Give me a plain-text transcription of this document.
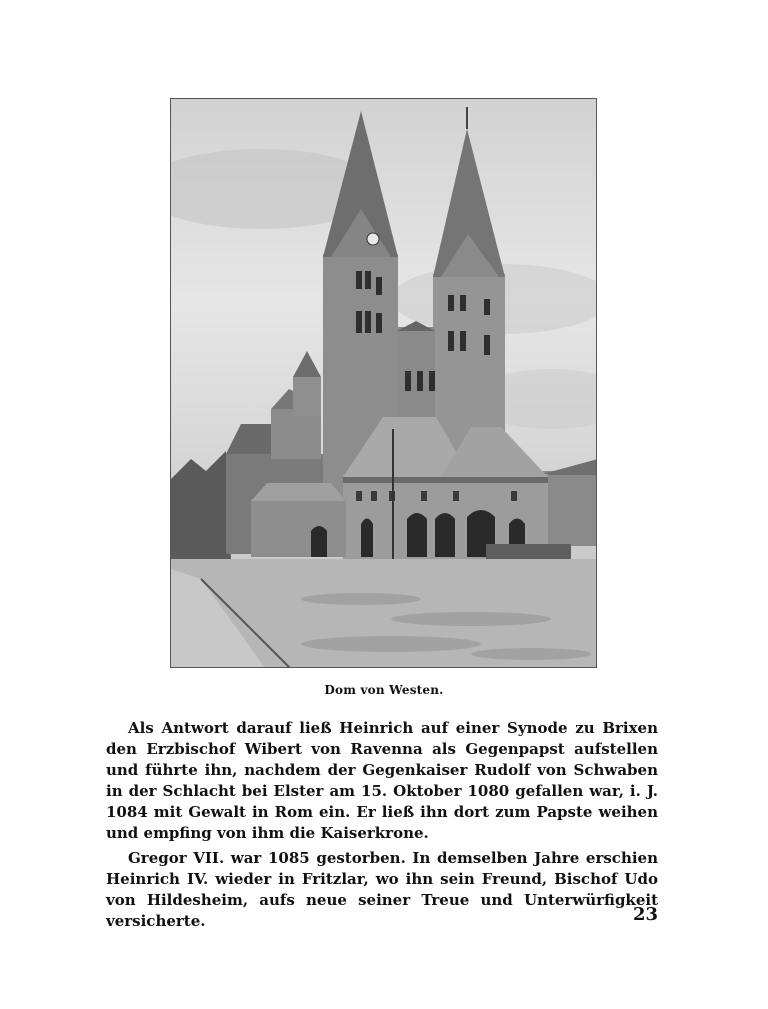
Dom von Westen.

Als Antwort darauf ließ Heinrich auf einer Synode zu Brixen den Erzbischof Wibert von Ravenna als Gegenpapst aufstellen und führte ihn, nachdem der Gegenkaiser Rudolf von Schwaben in der Schlacht bei Elster am 15. Oktober 1080 gefallen war, i. J. 1084 mit Gewalt in Rom ein. Er ließ ihn dort zum Papste weihen und empfing von ihm die Kaiserkrone.

Gregor VII. war 1085 gestorben. In demselben Jahre erschien Heinrich IV. wieder in Fritzlar, wo ihn sein Freund, Bischof Udo von Hildesheim, aufs neue seiner Treue und Unterwürfigkeit versicherte.	23
